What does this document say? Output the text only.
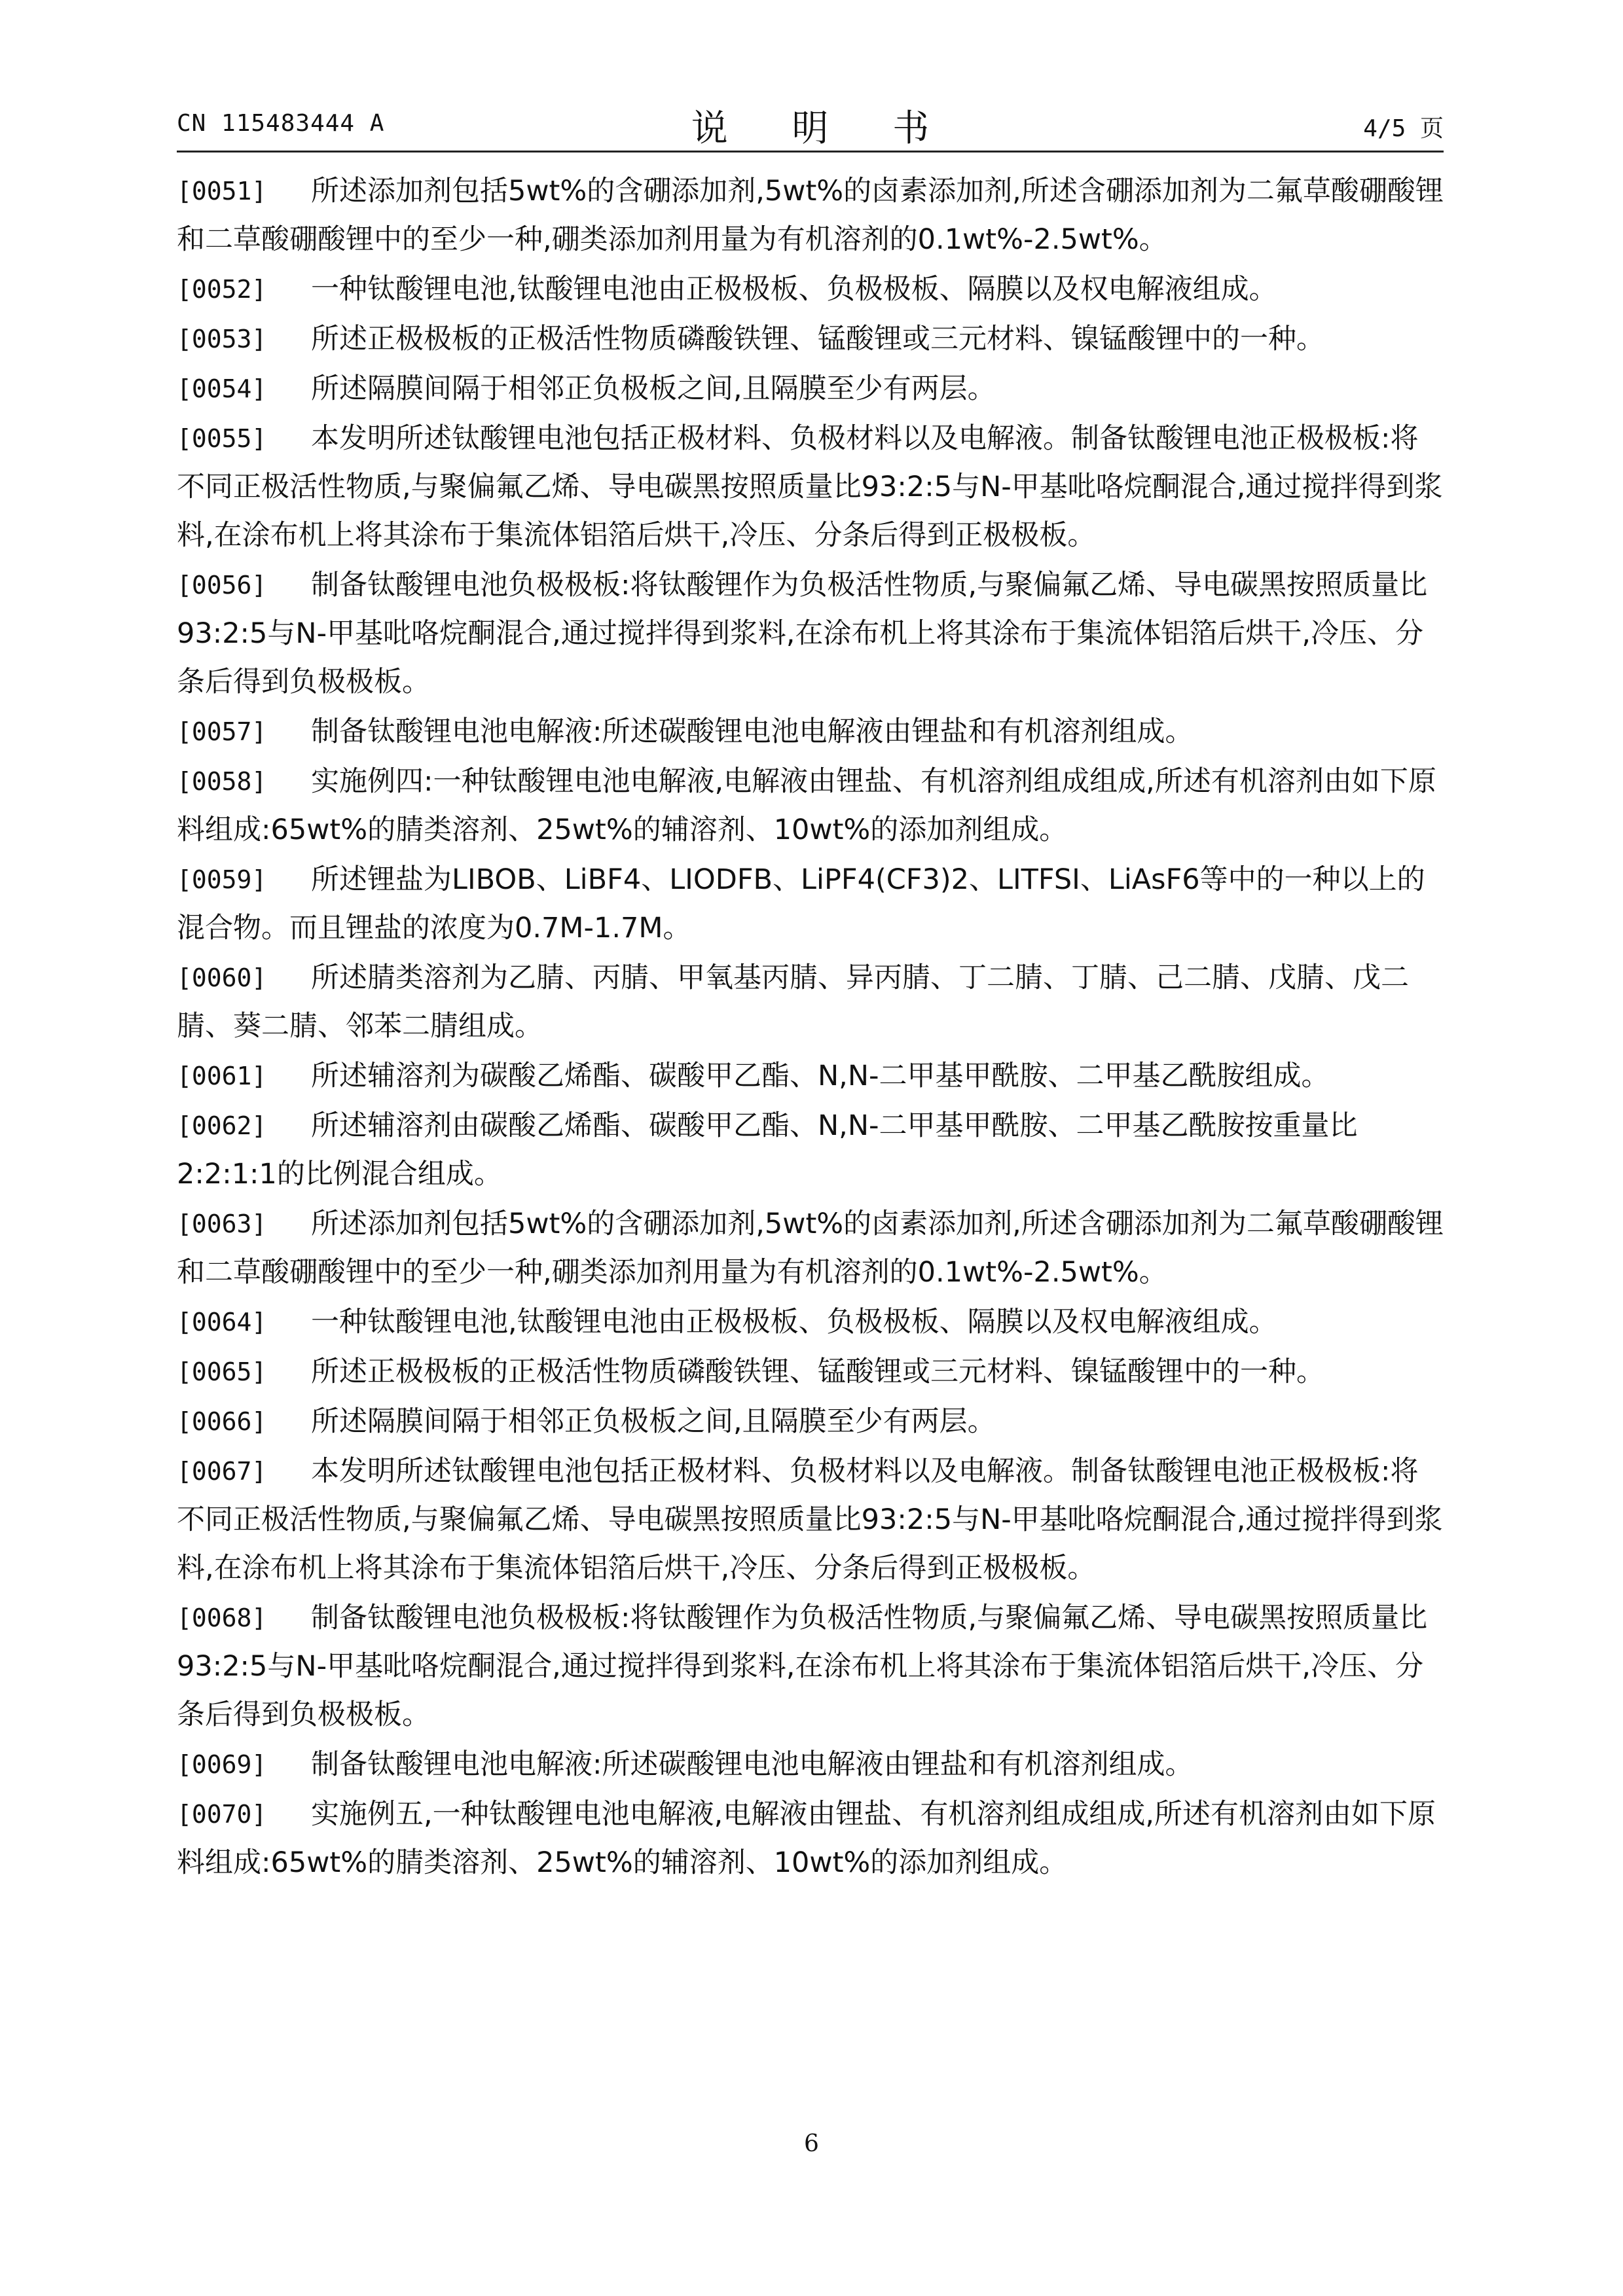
CN 115483444 A	说 明 书	4/5 页
[0051] 所述添加剂包括5wt%的含硼添加剂,5wt%的卤素添加剂,所述含硼添加剂为二氟草酸硼酸锂和二草酸硼酸锂中的至少一种,硼类添加剂用量为有机溶剂的0.1wt%-2.5wt%。
[0052] 一种钛酸锂电池,钛酸锂电池由正极极板、负极极板、隔膜以及权电解液组成。
[0053] 所述正极极板的正极活性物质磷酸铁锂、锰酸锂或三元材料、镍锰酸锂中的一种。
[0054] 所述隔膜间隔于相邻正负极板之间,且隔膜至少有两层。
[0055] 本发明所述钛酸锂电池包括正极材料、负极材料以及电解液。制备钛酸锂电池正极极板:将不同正极活性物质,与聚偏氟乙烯、导电碳黑按照质量比93:2:5与N-甲基吡咯烷酮混合,通过搅拌得到浆料,在涂布机上将其涂布于集流体铝箔后烘干,冷压、分条后得到正极极板。
[0056] 制备钛酸锂电池负极极板:将钛酸锂作为负极活性物质,与聚偏氟乙烯、导电碳黑按照质量比93:2:5与N-甲基吡咯烷酮混合,通过搅拌得到浆料,在涂布机上将其涂布于集流体铝箔后烘干,冷压、分条后得到负极极板。
[0057] 制备钛酸锂电池电解液:所述碳酸锂电池电解液由锂盐和有机溶剂组成。
[0058] 实施例四:一种钛酸锂电池电解液,电解液由锂盐、有机溶剂组成组成,所述有机溶剂由如下原料组成:65wt%的腈类溶剂、25wt%的辅溶剂、10wt%的添加剂组成。
[0059] 所述锂盐为LIBOB、LiBF4、LIODFB、LiPF4(CF3)2、LITFSI、LiAsF6等中的一种以上的混合物。而且锂盐的浓度为0.7M-1.7M。
[0060] 所述腈类溶剂为乙腈、丙腈、甲氧基丙腈、异丙腈、丁二腈、丁腈、己二腈、戊腈、戊二腈、葵二腈、邻苯二腈组成。
[0061] 所述辅溶剂为碳酸乙烯酯、碳酸甲乙酯、N,N-二甲基甲酰胺、二甲基乙酰胺组成。
[0062] 所述辅溶剂由碳酸乙烯酯、碳酸甲乙酯、N,N-二甲基甲酰胺、二甲基乙酰胺按重量比2:2:1:1的比例混合组成。
[0063] 所述添加剂包括5wt%的含硼添加剂,5wt%的卤素添加剂,所述含硼添加剂为二氟草酸硼酸锂和二草酸硼酸锂中的至少一种,硼类添加剂用量为有机溶剂的0.1wt%-2.5wt%。
[0064] 一种钛酸锂电池,钛酸锂电池由正极极板、负极极板、隔膜以及权电解液组成。
[0065] 所述正极极板的正极活性物质磷酸铁锂、锰酸锂或三元材料、镍锰酸锂中的一种。
[0066] 所述隔膜间隔于相邻正负极板之间,且隔膜至少有两层。
[0067] 本发明所述钛酸锂电池包括正极材料、负极材料以及电解液。制备钛酸锂电池正极极板:将不同正极活性物质,与聚偏氟乙烯、导电碳黑按照质量比93:2:5与N-甲基吡咯烷酮混合,通过搅拌得到浆料,在涂布机上将其涂布于集流体铝箔后烘干,冷压、分条后得到正极极板。
[0068] 制备钛酸锂电池负极极板:将钛酸锂作为负极活性物质,与聚偏氟乙烯、导电碳黑按照质量比93:2:5与N-甲基吡咯烷酮混合,通过搅拌得到浆料,在涂布机上将其涂布于集流体铝箔后烘干,冷压、分条后得到负极极板。
[0069] 制备钛酸锂电池电解液:所述碳酸锂电池电解液由锂盐和有机溶剂组成。
[0070] 实施例五,一种钛酸锂电池电解液,电解液由锂盐、有机溶剂组成组成,所述有机溶剂由如下原料组成:65wt%的腈类溶剂、25wt%的辅溶剂、10wt%的添加剂组成。
6
